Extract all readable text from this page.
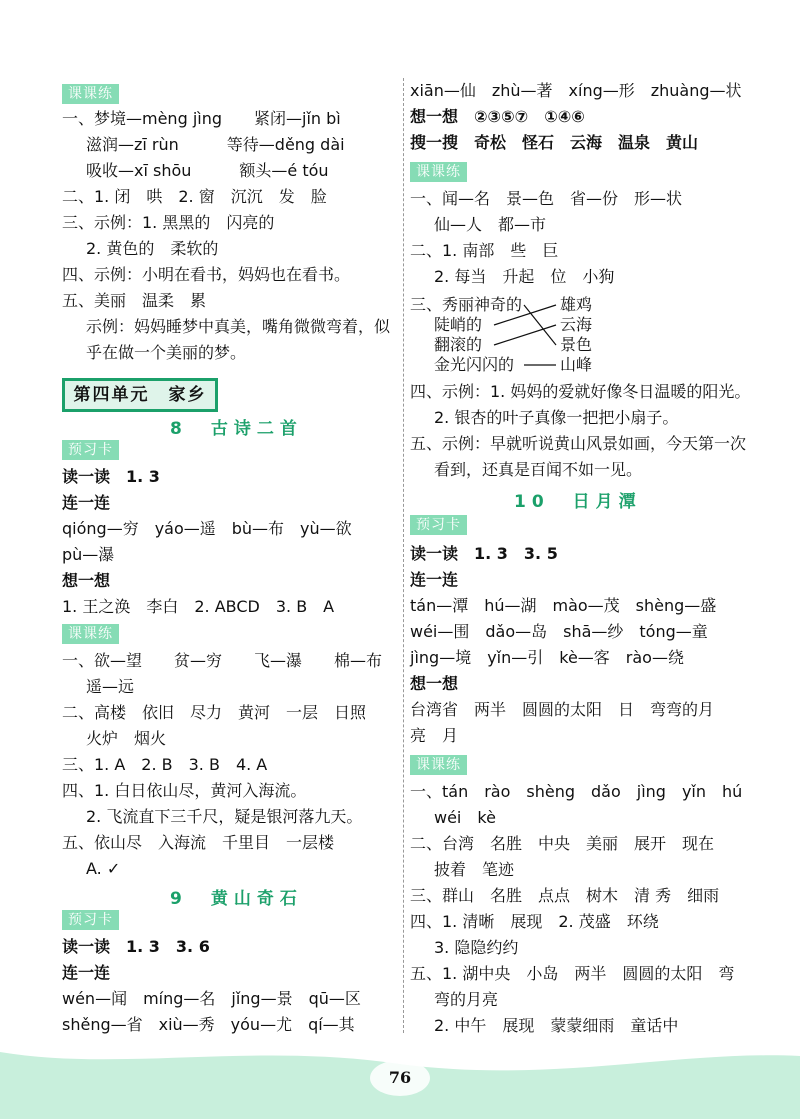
课课练
一、梦境—mèng jìng　　紧闭—jǐn bì
滋润—zī rùn　　　等待—děng dài
吸收—xī shōu　　　额头—é tóu
二、1. 闭　哄　2. 窗　沉沉　发　脸
三、示例：1. 黑黑的　闪亮的
2. 黄色的　柔软的
四、示例：小明在看书，妈妈也在看书。
五、美丽　温柔　累
示例：妈妈睡梦中真美，嘴角微微弯着，似
乎在做一个美丽的梦。
第四单元　家乡
8　古诗二首
预习卡
读一读　1. 3
连一连
qióng—穷　yáo—遥　bù—布　yù—欲
pù—瀑
想一想
1. 王之涣　李白　2. ABCD　3. B　A
课课练
一、欲—望　　贫—穷　　飞—瀑　　棉—布
遥—远
二、高楼　依旧　尽力　黄河　一层　日照
火炉　烟火
三、1. A　2. B　3. B　4. A
四、1. 白日依山尽，黄河入海流。
2. 飞流直下三千尺，疑是银河落九天。
五、依山尽　入海流　千里目　一层楼
A. ✓
9　黄山奇石
预习卡
读一读　1. 3　3. 6
连一连
wén—闻　míng—名　jǐng—景　qū—区
shěng—省　xiù—秀　yóu—尤　qí—其
xiān—仙　zhù—著　xíng—形　zhuàng—状
想一想　②③⑤⑦　①④⑥
搜一搜　奇松　怪石　云海　温泉　黄山
课课练
一、闻—名　景—色　省—份　形—状
仙—人　都—市
二、1. 南部　些　巨
2. 每当　升起　位　小狗
三、秀丽神奇的
陡峭的
翻滚的
金光闪闪的
雄鸡
云海
景色
山峰
四、示例：1. 妈妈的爱就好像冬日温暖的阳光。
2. 银杏的叶子真像一把把小扇子。
五、示例：早就听说黄山风景如画，今天第一次
看到，还真是百闻不如一见。
10　日月潭
预习卡
读一读　1. 3　3. 5
连一连
tán—潭　hú—湖　mào—茂　shèng—盛
wéi—围　dǎo—岛　shā—纱　tóng—童
jìng—境　yǐn—引　kè—客　rào—绕
想一想
台湾省　两半　圆圆的太阳　日　弯弯的月
亮　月
课课练
一、tán　rào　shèng　dǎo　jìng　yǐn　hú
wéi　kè
二、台湾　名胜　中央　美丽　展开　现在
披着　笔迹
三、群山　名胜　点点　树木　清 秀　细雨
四、1. 清晰　展现　2. 茂盛　环绕
3. 隐隐约约
五、1. 湖中央　小岛　两半　圆圆的太阳　弯
弯的月亮
2. 中午　展现　蒙蒙细雨　童话中
76
